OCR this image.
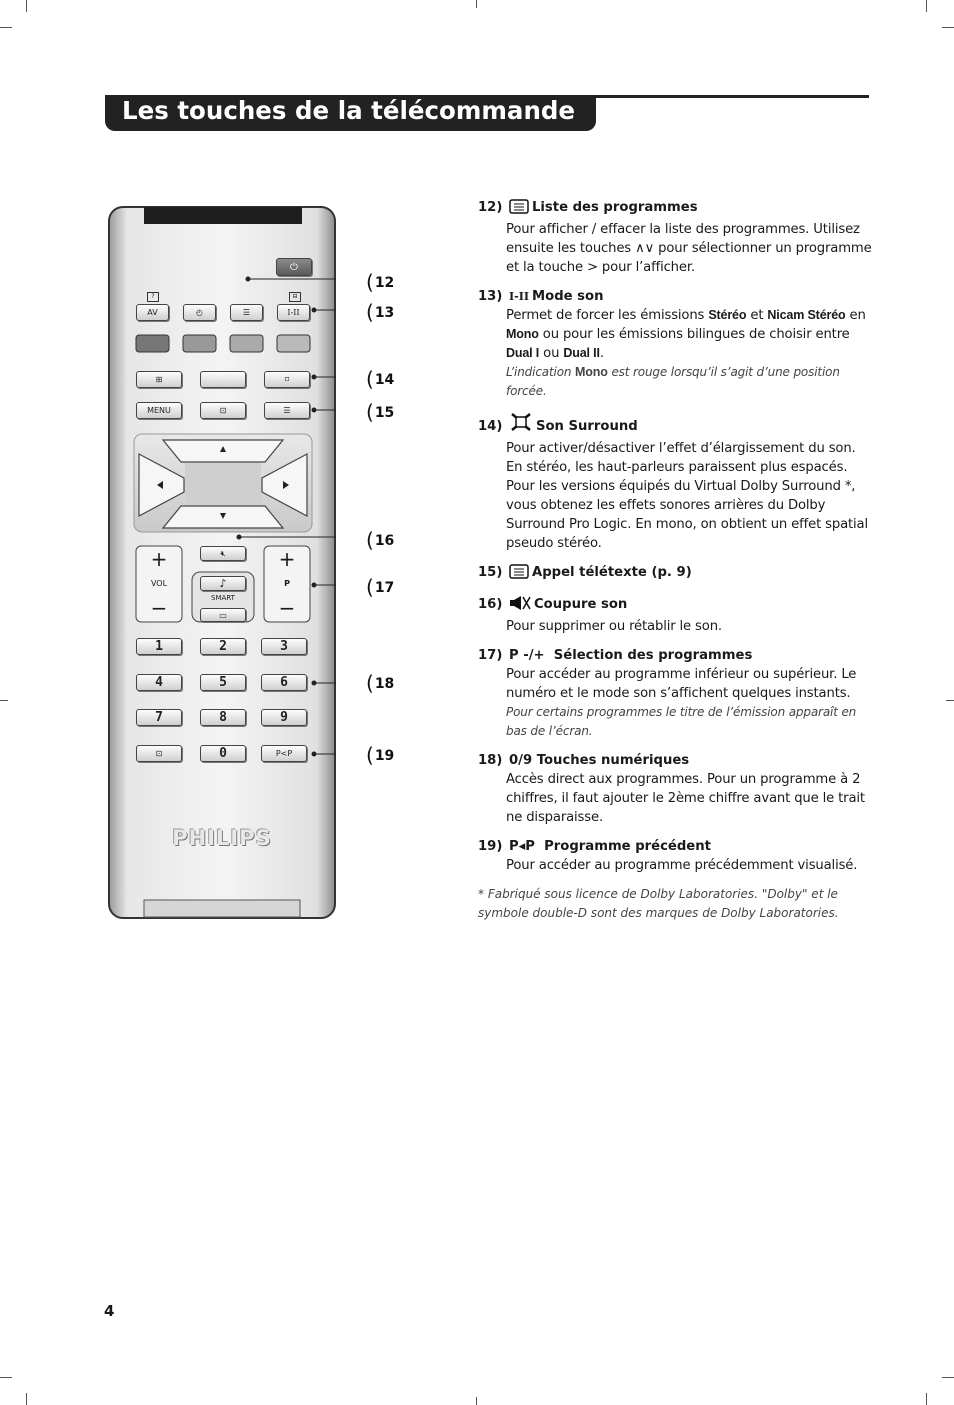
Les touches de la télécommande
⏻
?	⊟
AV	◴	☰	I-II
⊞	⌑
MENU	⊡	☰
+
VOL
−
+
P
−
🔇︎
♪
SMART
▭
1	2	3
4	5	6
7	8	9
⊡	0	P<P
PHILIPS
(12
(13
(14
(15
(16
(17
(18
(19
12) Liste des programmes
Pour afficher / effacer la liste des programmes. Utilisez ensuite les touches ∧∨ pour sélectionner un programme et la touche > pour l’afficher.
13) I-II Mode son
Permet de forcer les émissions Stéréo et Nicam Stéréo en Mono ou pour les émissions bilingues de choisir entre Dual I ou Dual II.
L’indication Mono est rouge lorsqu’il s’agit d’une position forcée.
14)	Son Surround
Pour activer/désactiver l’effet d’élargissement du son. En stéréo, les haut-parleurs paraissent plus espacés. Pour les versions équipés du Virtual Dolby Surround *, vous obtenez les effets sonores arrières du Dolby Surround Pro Logic. En mono, on obtient un effet spatial pseudo stéréo.
15) Appel télétexte (p. 9)
16) Coupure son
Pour supprimer ou rétablir le son.
17) P -/+  Sélection des programmes
Pour accéder au programme inférieur ou supérieur. Le numéro et le mode son s’affichent quelques instants.
Pour certains programmes le titre de l’émission apparaît en bas de l’écran.
18) 0/9 Touches numériques
Accès direct aux programmes. Pour un programme à 2 chiffres, il faut ajouter le 2ème chiffre avant que le trait ne disparaisse.
19) P◂P  Programme précédent
Pour accéder au programme précédemment visualisé.
* Fabriqué sous licence de Dolby Laboratories. "Dolby" et le symbole double-D sont des marques de Dolby Laboratories.
4
